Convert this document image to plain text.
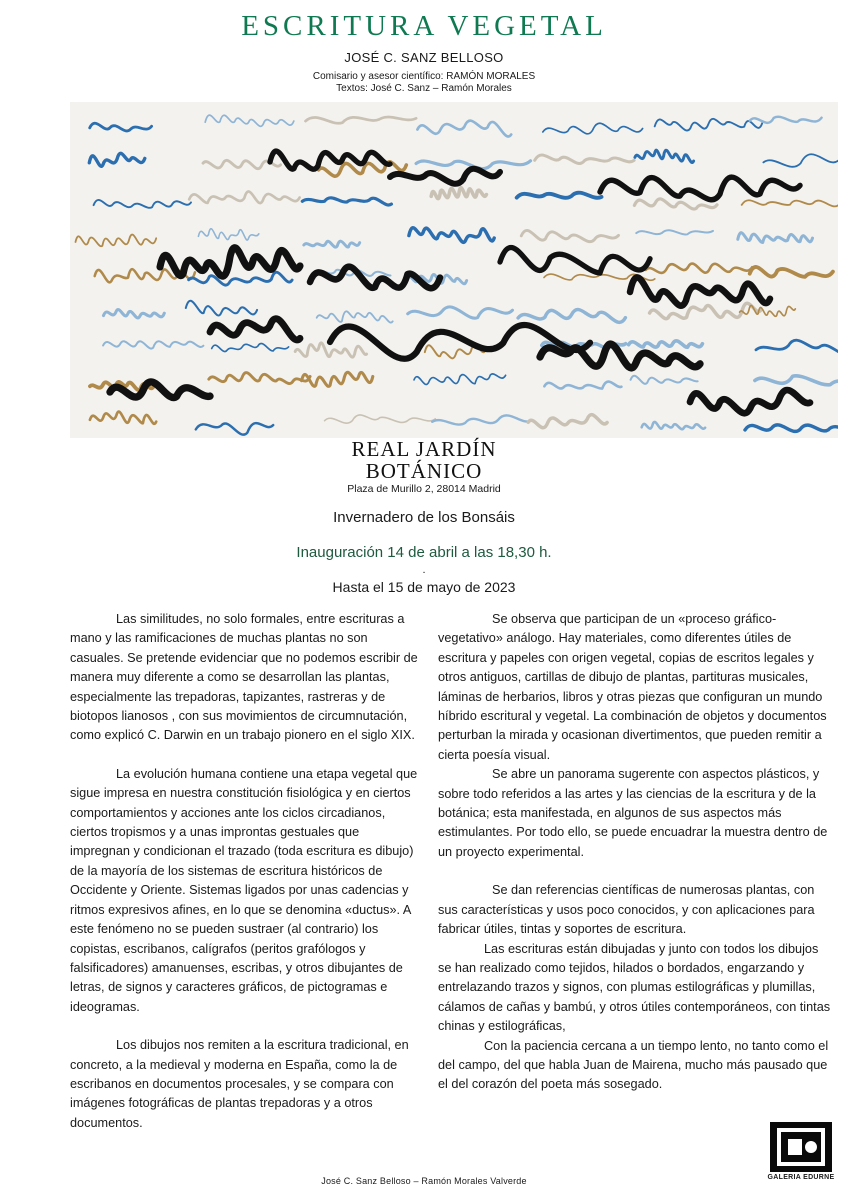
ESCRITURA VEGETAL
JOSÉ C. SANZ BELLOSO
Comisario y asesor científico: RAMÓN MORALES
Textos: José C. Sanz – Ramón Morales
REAL JARDÍN
BOTÁNICO
Plaza de Murillo 2, 28014 Madrid
Invernadero de los Bonsáis
Inauguración 14 de abril a las 18,30 h.
.
Hasta el 15 de mayo de 2023

Las similitudes, no solo formales, entre escrituras a mano y las ramificaciones de muchas plantas no son casuales. Se pretende evidenciar que no podemos escribir de manera muy diferente a como se desarrollan las plantas, especialmente las trepadoras, tapizantes, rastreras y de biotopos lianosos , con sus movimientos de circumnutación, como explicó C. Darwin en un trabajo pionero en el siglo XIX.

La evolución humana contiene una etapa vegetal que sigue impresa en nuestra constitución fisiológica y en ciertos comportamientos y acciones ante los ciclos circadianos, ciertos tropismos y a unas improntas gestuales que impregnan y condicionan el trazado (toda escritura es dibujo) de la mayoría de los sistemas de escritura históricos de Occidente y Oriente. Sistemas ligados por unas cadencias y ritmos expresivos afines, en lo que se denomina «ductus». A este fenómeno no se pueden sustraer (al contrario) los copistas, escribanos, calígrafos (peritos grafólogos y falsificadores) amanuenses, escribas, y otros dibujantes de letras, de signos y caracteres gráficos, de pictogramas e ideogramas.

Los dibujos nos remiten a la escritura tradicional, en concreto, a la medieval y moderna en España, como la de escribanos en documentos procesales, y se compara con imágenes fotográficas de plantas trepadoras y a otros documentos.

Se observa que participan de un «proceso gráfico-vegetativo» análogo. Hay materiales, como diferentes útiles de escritura y papeles con origen vegetal, copias de escritos legales y otros antiguos, cartillas de dibujo de plantas, partituras musicales, láminas de herbarios, libros y otras piezas que configuran un mundo híbrido escritural y vegetal. La combinación de objetos y documentos perturban la mirada y ocasionan divertimentos, que pueden remitir a cierta poesía visual.

Se abre un panorama sugerente con aspectos plásticos, y sobre todo referidos a las artes y las ciencias de la escritura y de la botánica; esta manifestada, en algunos de sus aspectos más estimulantes. Por todo ello, se puede encuadrar la muestra dentro de un proyecto experimental.

Se dan referencias científicas de numerosas plantas, con sus características y usos poco conocidos, y con aplicaciones para fabricar útiles, tintas y soportes de escritura.

Las escrituras están dibujadas y junto con todos los dibujos se han realizado como tejidos, hilados o bordados, engarzando y entrelazando trazos y signos, con plumas estilográficas y plumillas, cálamos de cañas y bambú, y otros útiles contemporáneos, con tintas chinas y estilográficas,

Con la paciencia cercana a un tiempo lento, no tanto como el del campo, del que habla Juan de Mairena, mucho más pausado que el del corazón del poeta más sosegado.

GALERIA EDURNE
José C. Sanz Belloso – Ramón Morales Valverde
